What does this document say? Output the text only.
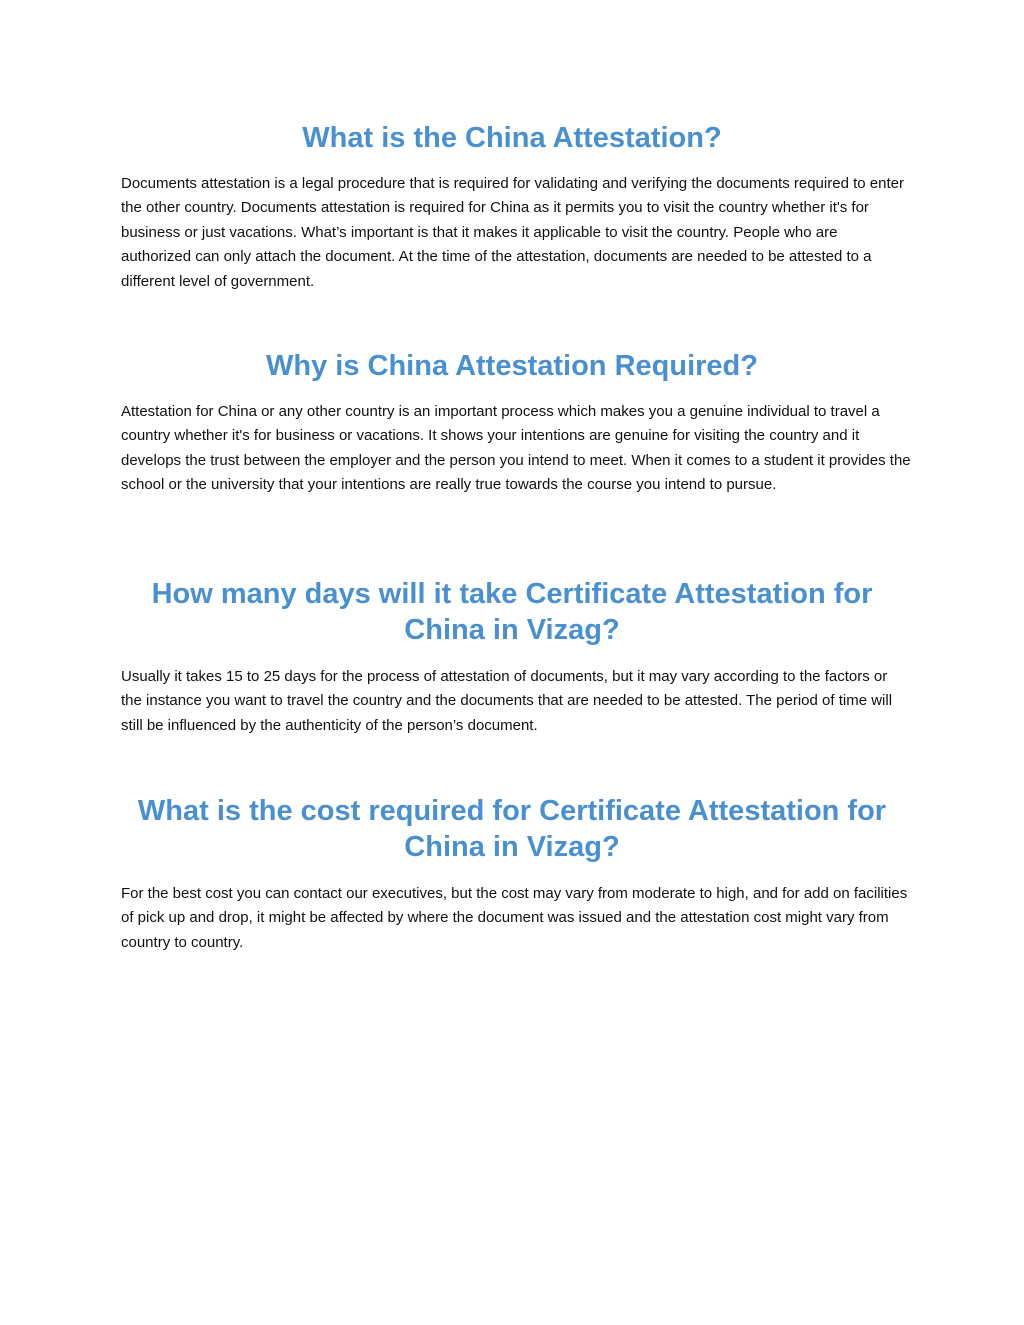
What is the China Attestation?

Documents attestation is a legal procedure that is required for validating and verifying the documents required to enter the other country. Documents attestation is required for China as it permits you to visit the country whether it's for business or just vacations. What’s important is that it makes it applicable to visit the country. People who are authorized can only attach the document. At the time of the attestation, documents are needed to be attested to a different level of government.

Why is China Attestation Required?

Attestation for China or any other country is an important process which makes you a genuine individual to travel a country whether it's for business or vacations. It shows your intentions are genuine for visiting the country and it develops the trust between the employer and the person you intend to meet. When it comes to a student it provides the school or the university that your intentions are really true towards the course you intend to pursue.

How many days will it take Certificate Attestation for China in Vizag?

Usually it takes 15 to 25 days for the process of attestation of documents, but it may vary according to the factors or the instance you want to travel the country and the documents that are needed to be attested. The period of time will still be influenced by the authenticity of the person’s document.

What is the cost required for Certificate Attestation for China in Vizag?

For the best cost you can contact our executives, but the cost may vary from moderate to high, and for add on facilities of pick up and drop, it might be affected by where the document was issued and the attestation cost might vary from country to country.
